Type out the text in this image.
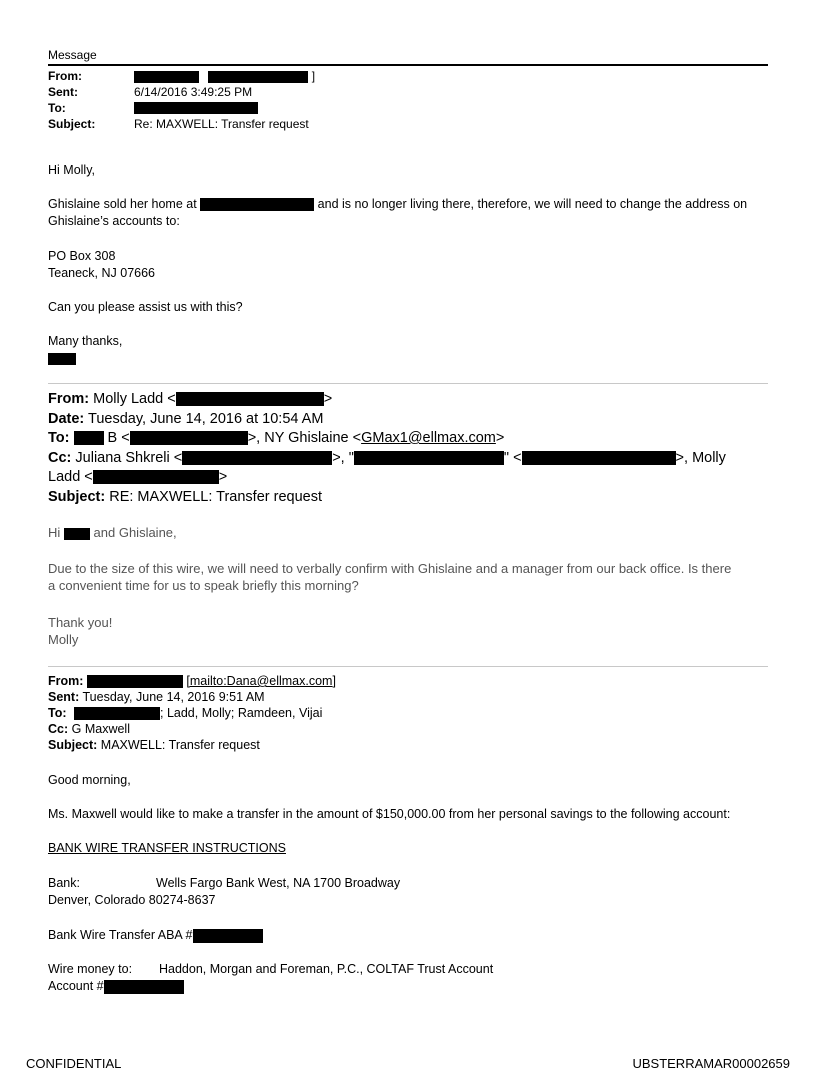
Message
From:	]
Sent:	6/14/2016 3:49:25 PM
To:
Subject:	Re: MAXWELL: Transfer request
Hi Molly,
Ghislaine sold her home at	and is no longer living there, therefore, we will need to change the address on
Ghislaine’s accounts to:
PO Box 308
Teaneck, NJ 07666
Can you please assist us with this?
Many thanks,
From: Molly Ladd <	>
Date: Tuesday, June 14, 2016 at 10:54 AM
To:	B <	>, NY Ghislaine <GMax1@ellmax.com>
Cc: Juliana Shkreli <	>, "	" <	>, Molly
Ladd <	>
Subject: RE: MAXWELL: Transfer request
Hi	and Ghislaine,
Due to the size of this wire, we will need to verbally confirm with Ghislaine and a manager from our back office. Is there
a convenient time for us to speak briefly this morning?
Thank you!
Molly
From:	[mailto:Dana@ellmax.com]
Sent: Tuesday, June 14, 2016 9:51 AM
To:	; Ladd, Molly; Ramdeen, Vijai
Cc: G Maxwell
Subject: MAXWELL: Transfer request
Good morning,
Ms. Maxwell would like to make a transfer in the amount of $150,000.00 from her personal savings to the following account:
BANK WIRE TRANSFER INSTRUCTIONS
Bank:	Wells Fargo Bank West, NA 1700 Broadway
Denver, Colorado 80274-8637
Bank Wire Transfer ABA #
Wire money to: Haddon, Morgan and Foreman, P.C., COLTAF Trust Account
Account #
CONFIDENTIAL	UBSTERRAMAR00002659
